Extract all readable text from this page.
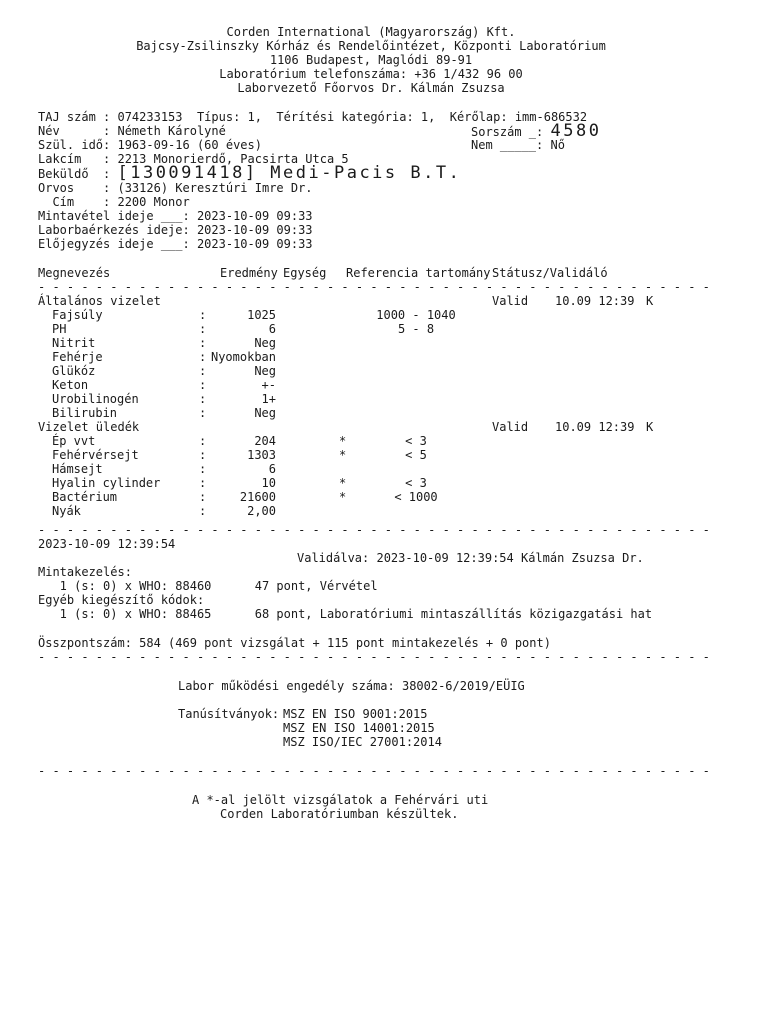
Corden International (Magyarország) Kft.
Bajcsy-Zsilinszky Kórház és Rendelőintézet, Központi Laboratórium
1106 Budapest, Maglódi 89-91
Laboratórium telefonszáma: +36 1/432 96 00
Laborvezető Főorvos Dr. Kálmán Zsuzsa
TAJ szám : 074233153  Típus: 1,  Térítési kategória: 1,  Kérőlap: imm-686532
Név      : Németh Károlyné	Sorszám _: 4580
Szül. idő: 1963-09-16 (60 éves)	Nem _____: Nő
Lakcím   : 2213 Monorierdő, Pacsirta Utca 5
Beküldő  : [130091418] Medi-Pacis B.T.
Orvos    : (33126) Keresztúri Imre Dr.
Cím    : 2200 Monor
Mintavétel ideje ___: 2023-10-09 09:33
Laborbaérkezés ideje: 2023-10-09 09:33
Előjegyzés ideje ___: 2023-10-09 09:33
Megnevezés	Eredmény Egység Referencia tartomány Státusz/Validáló
- - - - - - - - - - - - - - - - - - - - - - - - - - - - - - - - - - - - - - - - - - - - - - -
Általános vizelet	Valid 10.09 12:39 K
Fajsúly	:	1025	1000 - 1040
PH	:	6	5 - 8
Nitrit	:	Neg
Fehérje	: Nyomokban
Glükóz	:	Neg
Keton	:	+-
Urobilinogén	:	1+
Bilirubin	:	Neg
Vizelet üledék	Valid 10.09 12:39 K
Ép vvt	:	204	*	< 3
Fehérvérsejt	:	1303	*	< 5
Hámsejt	:	6
Hyalin cylinder	:	10	*	< 3
Bactérium	:	21600	*	< 1000
Nyák	:	2,00
- - - - - - - - - - - - - - - - - - - - - - - - - - - - - - - - - - - - - - - - - - - - - - -
2023-10-09 12:39:54
Validálva: 2023-10-09 12:39:54 Kálmán Zsuzsa Dr.
Mintakezelés:
1 (s: 0) x WHO: 88460      47 pont, Vérvétel
Egyéb kiegészítő kódok:
1 (s: 0) x WHO: 88465      68 pont, Laboratóriumi mintaszállítás közigazgatási hat
Összpontszám: 584 (469 pont vizsgálat + 115 pont mintakezelés + 0 pont)
- - - - - - - - - - - - - - - - - - - - - - - - - - - - - - - - - - - - - - - - - - - - - - -
Labor működési engedély száma: 38002-6/2019/EÜIG
Tanúsítványok:
MSZ EN ISO 9001:2015
MSZ EN ISO 14001:2015
MSZ ISO/IEC 27001:2014
- - - - - - - - - - - - - - - - - - - - - - - - - - - - - - - - - - - - - - - - - - - - - - -
A *-al jelölt vizsgálatok a Fehérvári uti
Corden Laboratóriumban készültek.
